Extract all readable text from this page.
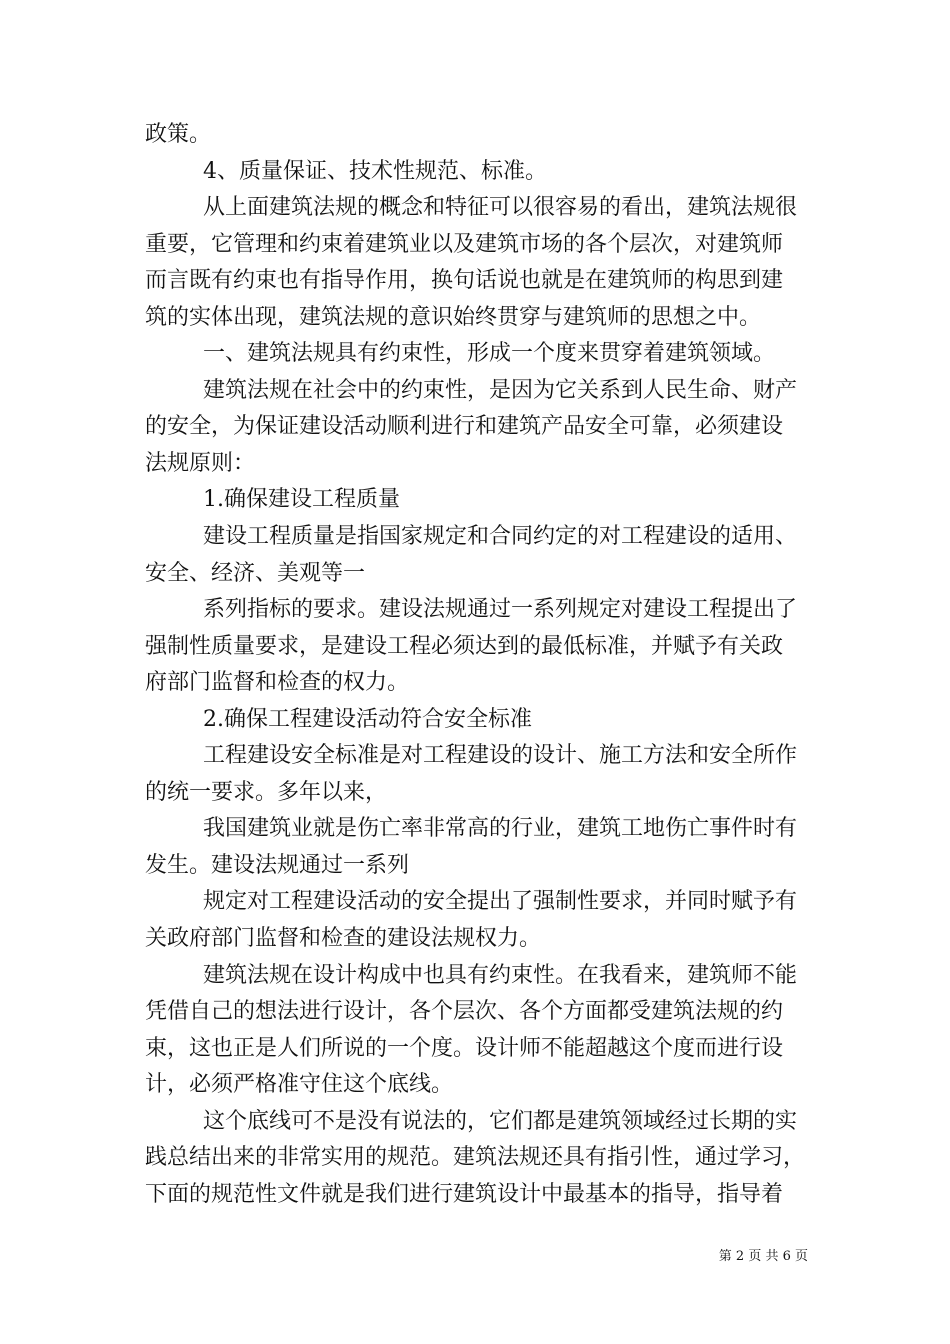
政策。
4、质量保证、技术性规范、标准。
从上面建筑法规的概念和特征可以很容易的看出，建筑法规很
重要，它管理和约束着建筑业以及建筑市场的各个层次，对建筑师
而言既有约束也有指导作用，换句话说也就是在建筑师的构思到建
筑的实体出现，建筑法规的意识始终贯穿与建筑师的思想之中。
一、建筑法规具有约束性，形成一个度来贯穿着建筑领域。
建筑法规在社会中的约束性，是因为它关系到人民生命、财产
的安全，为保证建设活动顺利进行和建筑产品安全可靠，必须建设
法规原则：
1.确保建设工程质量
建设工程质量是指国家规定和合同约定的对工程建设的适用、
安全、经济、美观等一
系列指标的要求。建设法规通过一系列规定对建设工程提出了
强制性质量要求，是建设工程必须达到的最低标准，并赋予有关政
府部门监督和检查的权力。
2.确保工程建设活动符合安全标准
工程建设安全标准是对工程建设的设计、施工方法和安全所作
的统一要求。多年以来，
我国建筑业就是伤亡率非常高的行业，建筑工地伤亡事件时有
发生。建设法规通过一系列
规定对工程建设活动的安全提出了强制性要求，并同时赋予有
关政府部门监督和检查的建设法规权力。
建筑法规在设计构成中也具有约束性。在我看来，建筑师不能
凭借自己的想法进行设计，各个层次、各个方面都受建筑法规的约
束，这也正是人们所说的一个度。设计师不能超越这个度而进行设
计，必须严格准守住这个底线。
这个底线可不是没有说法的，它们都是建筑领域经过长期的实
践总结出来的非常实用的规范。建筑法规还具有指引性，通过学习，
下面的规范性文件就是我们进行建筑设计中最基本的指导，指导着
第 2 页 共 6 页
